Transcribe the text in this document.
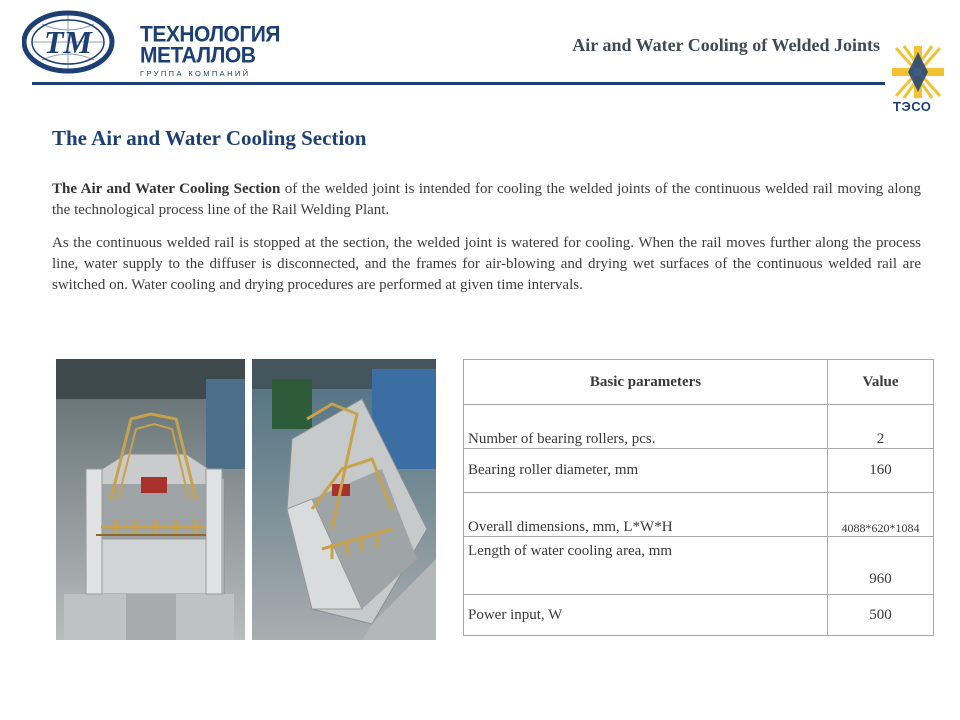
ТМ ТЕХНОЛОГИЯ
МЕТАЛЛОВ
ГРУППА КОМПАНИЙ
Air and Water Cooling of Welded Joints
ТЭСО
The Air and Water Cooling Section
The Air and Water Cooling Section of the welded joint is intended for cooling the welded joints of the continuous welded rail moving along the technological process line of the Rail Welding Plant.
As the continuous welded rail is stopped at the section, the welded joint is watered for cooling. When the rail moves further along the process line, water supply to the diffuser is disconnected, and the frames for air-blowing and drying wet surfaces of the continuous welded rail are switched on. Water cooling and drying procedures are performed at given time intervals.
Basic parameters	Value
Number of bearing rollers, pcs.	2
Bearing roller diameter, mm	160
Overall dimensions, mm, L*W*H	4088*620*1084
Length of water cooling area, mm	960
Power input, W	500
